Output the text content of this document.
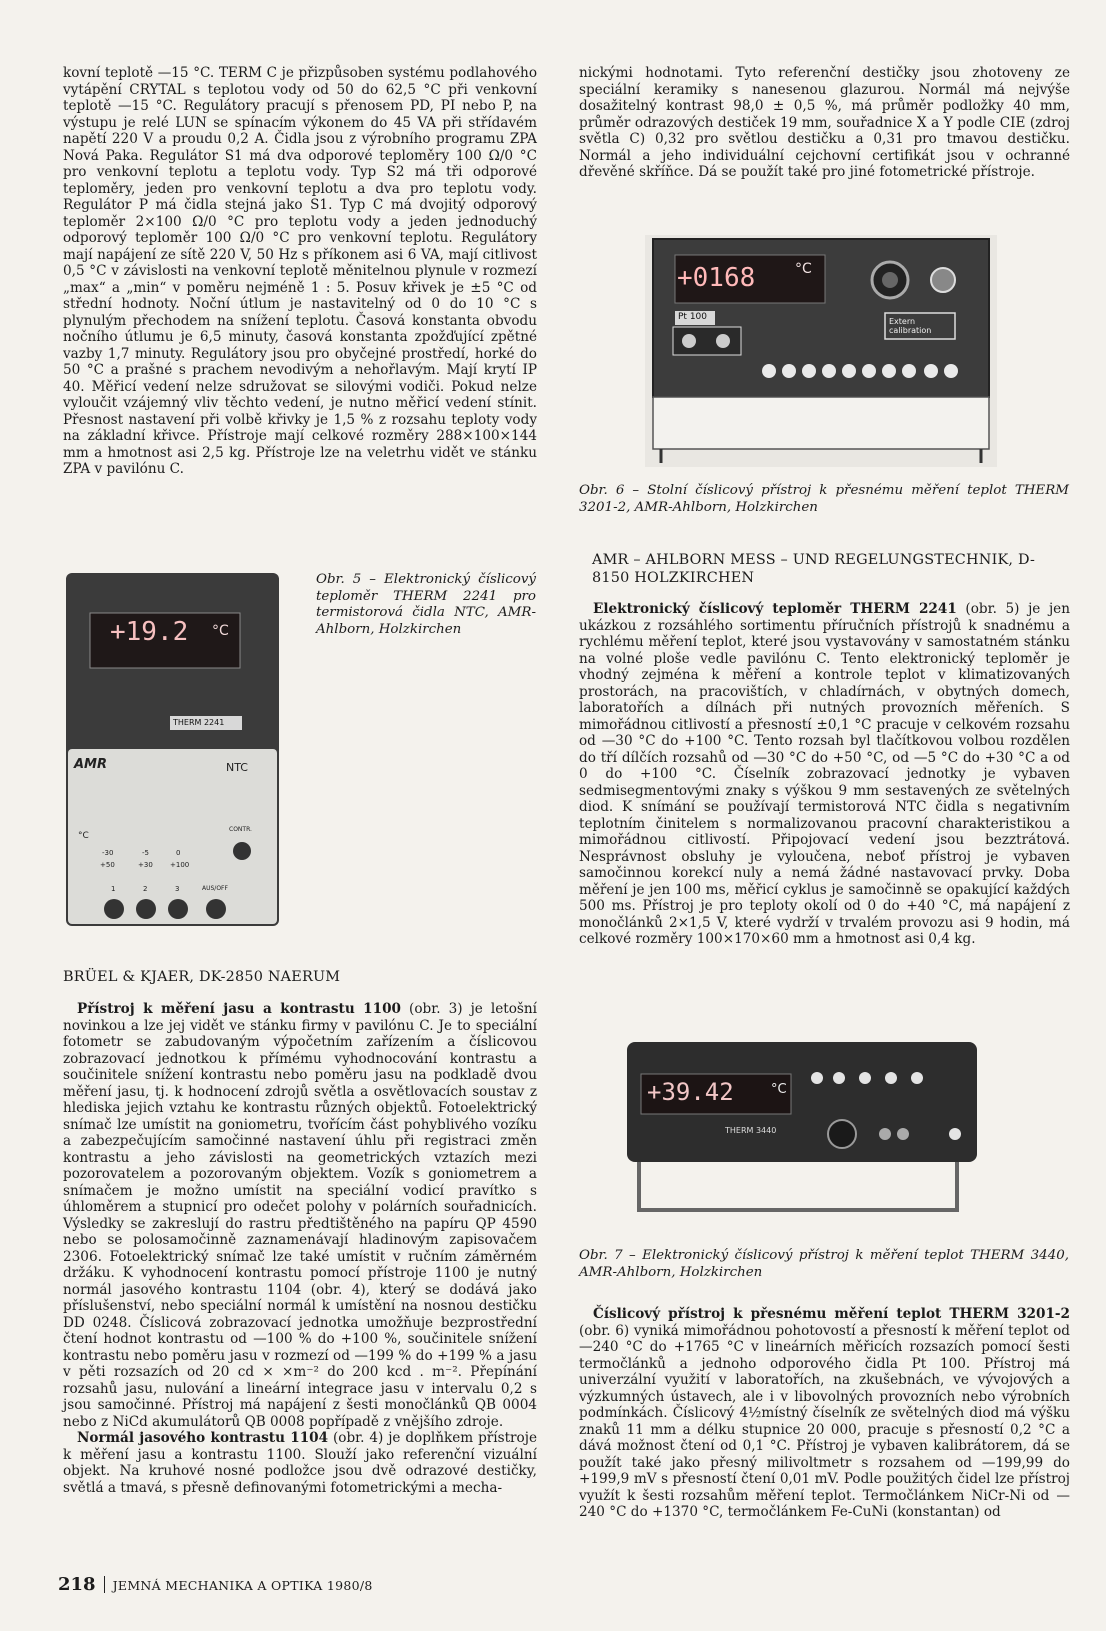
kovní teplotě —15 °C. TERM C je přizpůsoben systému podlahového vytápění CRYTAL s teplotou vody od 50 do 62,5 °C při venkovní teplotě —15 °C. Regulátory pracují s přenosem PD, PI nebo P, na výstupu je relé LUN se spínacím výkonem do 45 VA při střídavém napětí 220 V a proudu 0,2 A. Čidla jsou z výrobního programu ZPA Nová Paka. Regulátor S1 má dva odporové teploměry 100 Ω/0 °C pro venkovní teplotu a teplotu vody. Typ S2 má tři odporové teploměry, jeden pro venkovní teplotu a dva pro teplotu vody. Regulátor P má čidla stejná jako S1. Typ C má dvojitý odporový teploměr 2×100 Ω/0 °C pro teplotu vody a jeden jednoduchý odporový teploměr 100 Ω/0 °C pro venkovní teplotu. Regulátory mají napájení ze sítě 220 V, 50 Hz s příkonem asi 6 VA, mají citlivost 0,5 °C v závislosti na venkovní teplotě měnitelnou plynule v rozmezí „max“ a „min“ v poměru nejméně 1 : 5. Posuv křivek je ±5 °C od střední hodnoty. Noční útlum je nastavitelný od 0 do 10 °C s plynulým přechodem na snížení teplotu. Časová konstanta obvodu nočního útlumu je 6,5 minuty, časová konstanta zpožďující zpětné vazby 1,7 minuty. Regulátory jsou pro obyčejné prostředí, horké do 50 °C a prašné s prachem nevodivým a nehořlavým. Mají krytí IP 40. Měřicí vedení nelze sdružovat se silovými vodiči. Pokud nelze vyloučit vzájemný vliv těchto vedení, je nutno měřicí vedení stínit. Přesnost nastavení při volbě křivky je 1,5 % z rozsahu teploty vody na základní křivce. Přístroje mají celkové rozměry 288×100×144 mm a hmotnost asi 2,5 kg. Přístroje lze na veletrhu vidět ve stánku ZPA v pavilónu C.

nickými hodnotami. Tyto referenční destičky jsou zhotoveny ze speciální keramiky s nanesenou glazurou. Normál má nejvýše dosažitelný kontrast 98,0 ± 0,5 %, má průměr podložky 40 mm, průměr odrazových destiček 19 mm, souřadnice X a Y podle CIE (zdroj světla C) 0,32 pro světlou destičku a 0,31 pro tmavou destičku. Normál a jeho individuální cejchovní certifikát jsou v ochranné dřevěné skříňce. Dá se použít také pro jiné fotometrické přístroje.

+0168	°C
Pt 100	Extern calibration
Obr. 6 – Stolní číslicový přístroj k přesnému měření teplot THERM 3201-2, AMR-Ahlborn, Holzkirchen
AMR – AHLBORN MESS – UND REGELUNGSTECHNIK, D-8150 HOLZKIRCHEN

Elektronický číslicový teploměr THERM 2241 (obr. 5) je jen ukázkou z rozsáhlého sortimentu příručních přístrojů k snadnému a rychlému měření teplot, které jsou vystavovány v samostatném stánku na volné ploše vedle pavilónu C. Tento elektronický teploměr je vhodný zejména k měření a kontrole teplot v klimatizovaných prostorách, na pracovištích, v chladírnách, v obytných domech, laboratořích a dílnách při nutných provozních měřeních. S mimořádnou citlivostí a přesností ±0,1 °C pracuje v celkovém rozsahu od —30 °C do +100 °C. Tento rozsah byl tlačítkovou volbou rozdělen do tří dílčích rozsahů od —30 °C do +50 °C, od —5 °C do +30 °C a od 0 do +100 °C. Číselník zobrazovací jednotky je vybaven sedmisegmentovými znaky s výškou 9 mm sestavených ze světelných diod. K snímání se používají termistorová NTC čidla s negativním teplotním činitelem s normalizovanou pracovní charakteristikou a mimořádnou citlivostí. Připojovací vedení jsou bezztrátová. Nesprávnost obsluhy je vyloučena, neboť přístroj je vybaven samočinnou korekcí nuly a nemá žádné nastavovací prvky. Doba měření je jen 100 ms, měřicí cyklus je samočinně se opakující každých 500 ms. Přístroj je pro teploty okolí od 0 do +40 °C, má napájení z monočlánků 2×1,5 V, které vydrží v trvalém provozu asi 9 hodin, má celkové rozměry 100×170×60 mm a hmotnost asi 0,4 kg.

+19.2 °C
THERM 2241
AMR	NTC
CONTR.
°C
-30	-5	0
+50	+30 +100
1	2	3	AUS/OFF
Obr. 5 – Elektronický číslicový teploměr THERM 2241 pro termistorová čidla NTC, AMR-Ahlborn, Holzkirchen
BRÜEL & KJAER, DK-2850 NAERUM

Přístroj k měření jasu a kontrastu 1100 (obr. 3) je letošní novinkou a lze jej vidět ve stánku firmy v pavilónu C. Je to speciální fotometr se zabudovaným výpočetním zařízením a číslicovou zobrazovací jednotkou k přímému vyhodnocování kontrastu a součinitele snížení kontrastu nebo poměru jasu na podkladě dvou měření jasu, tj. k hodnocení zdrojů světla a osvětlovacích soustav z hlediska jejich vztahu ke kontrastu různých objektů. Fotoelektrický snímač lze umístit na goniometru, tvořícím část pohyblivého vozíku a zabezpečujícím samočinné nastavení úhlu při registraci změn kontrastu a jeho závislosti na geometrických vztazích mezi pozorovatelem a pozorovaným objektem. Vozík s goniometrem a snímačem je možno umístit na speciální vodicí pravítko s úhloměrem a stupnicí pro odečet polohy v polárních souřadnicích. Výsledky se zakreslují do rastru předtištěného na papíru QP 4590 nebo se polosamočinně zaznamenávají hladinovým zapisovačem 2306. Fotoelektrický snímač lze také umístit v ručním záměrném držáku. K vyhodnocení kontrastu pomocí přístroje 1100 je nutný normál jasového kontrastu 1104 (obr. 4), který se dodává jako příslušenství, nebo speciální normál k umístění na nosnou destičku DD 0248. Číslicová zobrazovací jednotka umožňuje bezprostřední čtení hodnot kontrastu od —100 % do +100 %, součinitele snížení kontrastu nebo poměru jasu v rozmezí od —199 % do +199 % a jasu v pěti rozsazích od 20 cd × ×m⁻² do 200 kcd . m⁻². Přepínání rozsahů jasu, nulování a lineární integrace jasu v intervalu 0,2 s jsou samočinné. Přístroj má napájení z šesti monočlánků QB 0004 nebo z NiCd akumulátorů QB 0008 popřípadě z vnějšího zdroje.

Normál jasového kontrastu 1104 (obr. 4) je doplňkem přístroje k měření jasu a kontrastu 1100. Slouží jako referenční vizuální objekt. Na kruhové nosné podložce jsou dvě odrazové destičky, světlá a tmavá, s přesně definovanými fotometrickými a mecha-

+39.42	°C
THERM 3440
Obr. 7 – Elektronický číslicový přístroj k měření teplot THERM 3440, AMR-Ahlborn, Holzkirchen

Číslicový přístroj k přesnému měření teplot THERM 3201-2 (obr. 6) vyniká mimořádnou pohotovostí a přesností k měření teplot od —240 °C do +1765 °C v lineárních měřicích rozsazích pomocí šesti termočlánků a jednoho odporového čidla Pt 100. Přístroj má univerzální využití v laboratořích, na zkušebnách, ve vývojových a výzkumných ústavech, ale i v libovolných provozních nebo výrobních podmínkách. Číslicový 4½místný číselník ze světelných diod má výšku znaků 11 mm a délku stupnice 20 000, pracuje s přesností 0,2 °C a dává možnost čtení od 0,1 °C. Přístroj je vybaven kalibrátorem, dá se použít také jako přesný milivoltmetr s rozsahem od —199,99 do +199,9 mV s přesností čtení 0,01 mV. Podle použitých čidel lze přístroj využít k šesti rozsahům měření teplot. Termočlánkem NiCr-Ni od —240 °C do +1370 °C, termočlánkem Fe-CuNi (konstantan) od

218 JEMNÁ MECHANIKA A OPTIKA 1980/8
